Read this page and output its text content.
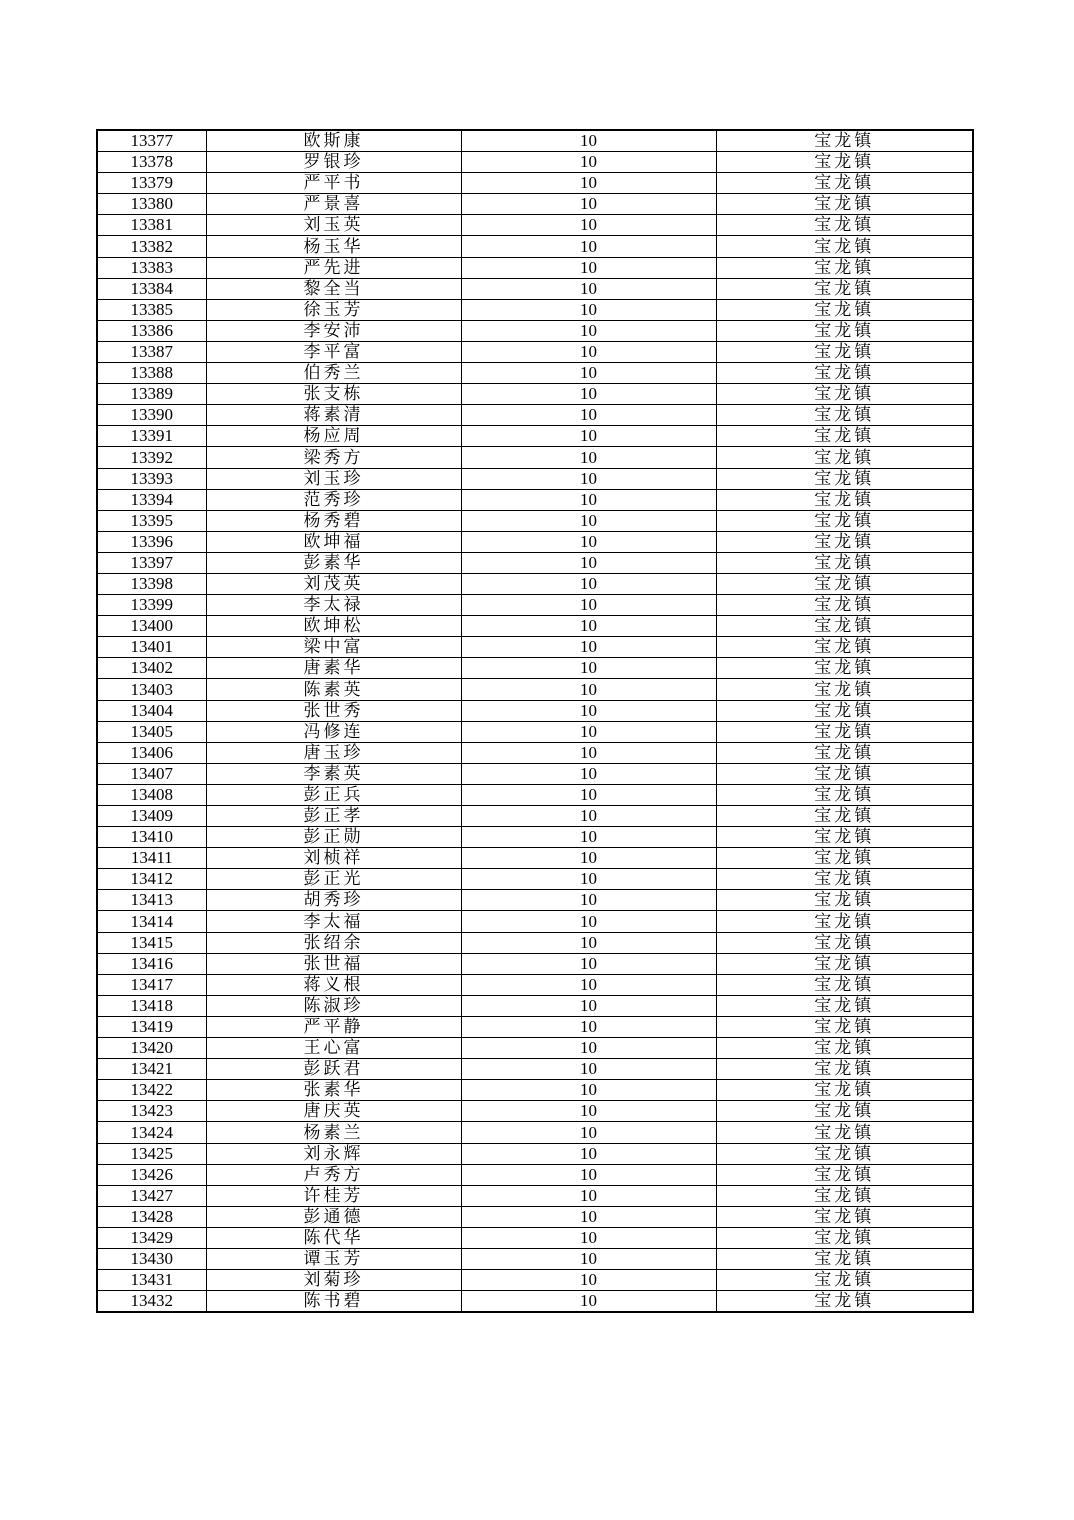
13377	欧斯康	10	宝龙镇
13378	罗银珍	10	宝龙镇
13379	严平书	10	宝龙镇
13380	严景喜	10	宝龙镇
13381	刘玉英	10	宝龙镇
13382	杨玉华	10	宝龙镇
13383	严先进	10	宝龙镇
13384	黎全当	10	宝龙镇
13385	徐玉芳	10	宝龙镇
13386	李安沛	10	宝龙镇
13387	李平富	10	宝龙镇
13388	伯秀兰	10	宝龙镇
13389	张支栋	10	宝龙镇
13390	蒋素清	10	宝龙镇
13391	杨应周	10	宝龙镇
13392	梁秀方	10	宝龙镇
13393	刘玉珍	10	宝龙镇
13394	范秀珍	10	宝龙镇
13395	杨秀碧	10	宝龙镇
13396	欧坤福	10	宝龙镇
13397	彭素华	10	宝龙镇
13398	刘茂英	10	宝龙镇
13399	李太禄	10	宝龙镇
13400	欧坤松	10	宝龙镇
13401	梁中富	10	宝龙镇
13402	唐素华	10	宝龙镇
13403	陈素英	10	宝龙镇
13404	张世秀	10	宝龙镇
13405	冯修连	10	宝龙镇
13406	唐玉珍	10	宝龙镇
13407	李素英	10	宝龙镇
13408	彭正兵	10	宝龙镇
13409	彭正孝	10	宝龙镇
13410	彭正勋	10	宝龙镇
13411	刘桢祥	10	宝龙镇
13412	彭正光	10	宝龙镇
13413	胡秀珍	10	宝龙镇
13414	李太福	10	宝龙镇
13415	张绍余	10	宝龙镇
13416	张世福	10	宝龙镇
13417	蒋义根	10	宝龙镇
13418	陈淑珍	10	宝龙镇
13419	严平静	10	宝龙镇
13420	王心富	10	宝龙镇
13421	彭跃君	10	宝龙镇
13422	张素华	10	宝龙镇
13423	唐庆英	10	宝龙镇
13424	杨素兰	10	宝龙镇
13425	刘永辉	10	宝龙镇
13426	卢秀方	10	宝龙镇
13427	许桂芳	10	宝龙镇
13428	彭通德	10	宝龙镇
13429	陈代华	10	宝龙镇
13430	谭玉芳	10	宝龙镇
13431	刘菊珍	10	宝龙镇
13432	陈书碧	10	宝龙镇
